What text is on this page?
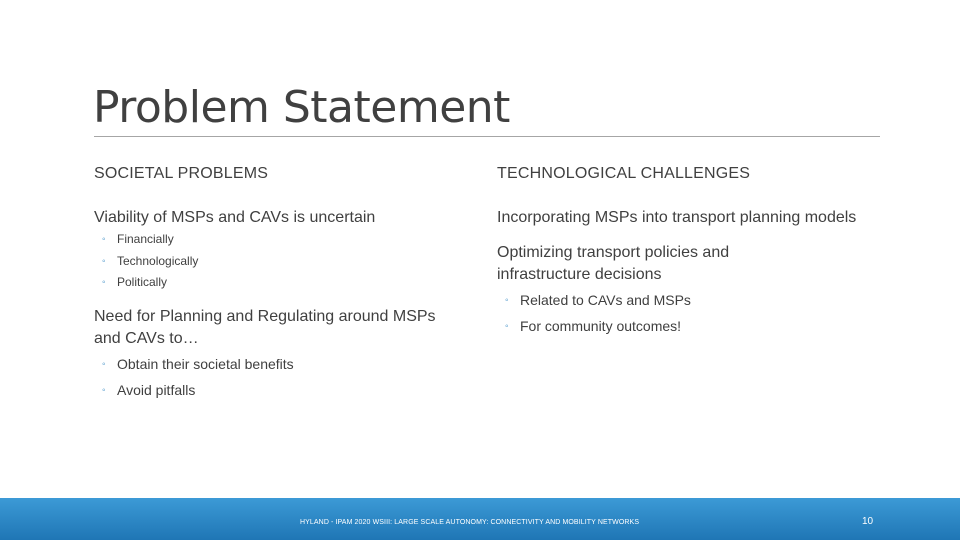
Problem Statement
SOCIETAL PROBLEMS
Viability of MSPs and CAVs is uncertain
◦ Financially
◦ Technologically
◦ Politically
Need for Planning and Regulating around MSPs and CAVs to…
◦ Obtain their societal benefits
◦ Avoid pitfalls
TECHNOLOGICAL CHALLENGES
Incorporating MSPs into transport planning models
Optimizing transport policies and infrastructure decisions
◦ Related to CAVs and MSPs
◦ For community outcomes!
HYLAND - IPAM 2020 WSIII: LARGE SCALE AUTONOMY: CONNECTIVITY AND MOBILITY NETWORKS	10
